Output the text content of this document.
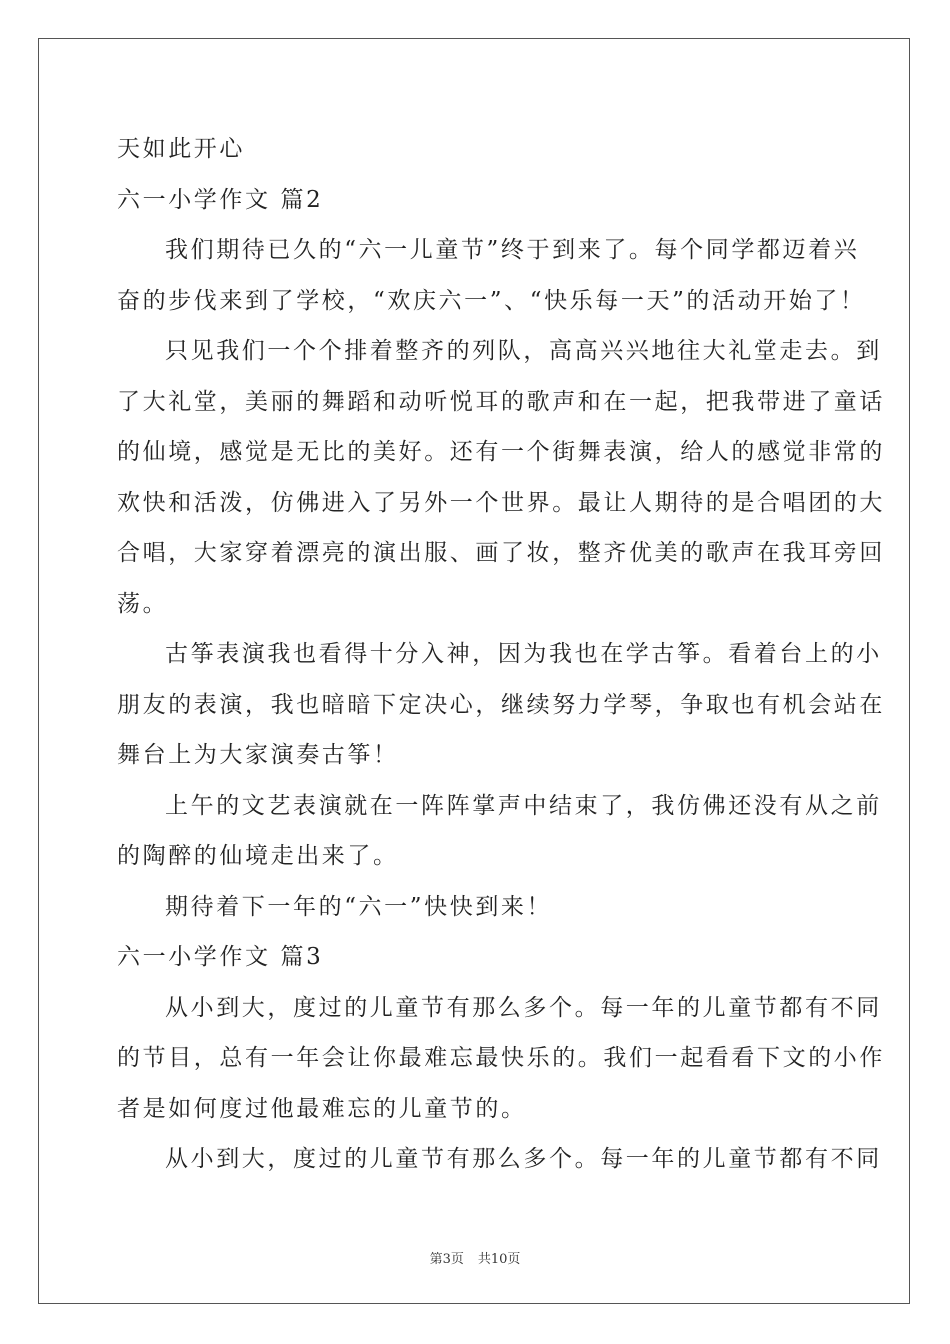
天如此开心
六一小学作文 篇2
我们期待已久的“六一儿童节”终于到来了。每个同学都迈着兴
奋的步伐来到了学校，“欢庆六一”、“快乐每一天”的活动开始了！
只见我们一个个排着整齐的列队，高高兴兴地往大礼堂走去。到
了大礼堂，美丽的舞蹈和动听悦耳的歌声和在一起，把我带进了童话
的仙境，感觉是无比的美好。还有一个街舞表演，给人的感觉非常的
欢快和活泼，仿佛进入了另外一个世界。最让人期待的是合唱团的大
合唱，大家穿着漂亮的演出服、画了妆，整齐优美的歌声在我耳旁回
荡。
古筝表演我也看得十分入神，因为我也在学古筝。看着台上的小
朋友的表演，我也暗暗下定决心，继续努力学琴，争取也有机会站在
舞台上为大家演奏古筝！
上午的文艺表演就在一阵阵掌声中结束了，我仿佛还没有从之前
的陶醉的仙境走出来了。
期待着下一年的“六一”快快到来！
六一小学作文 篇3
从小到大，度过的儿童节有那么多个。每一年的儿童节都有不同
的节目，总有一年会让你最难忘最快乐的。我们一起看看下文的小作
者是如何度过他最难忘的儿童节的。
从小到大，度过的儿童节有那么多个。每一年的儿童节都有不同
第3页 共10页
